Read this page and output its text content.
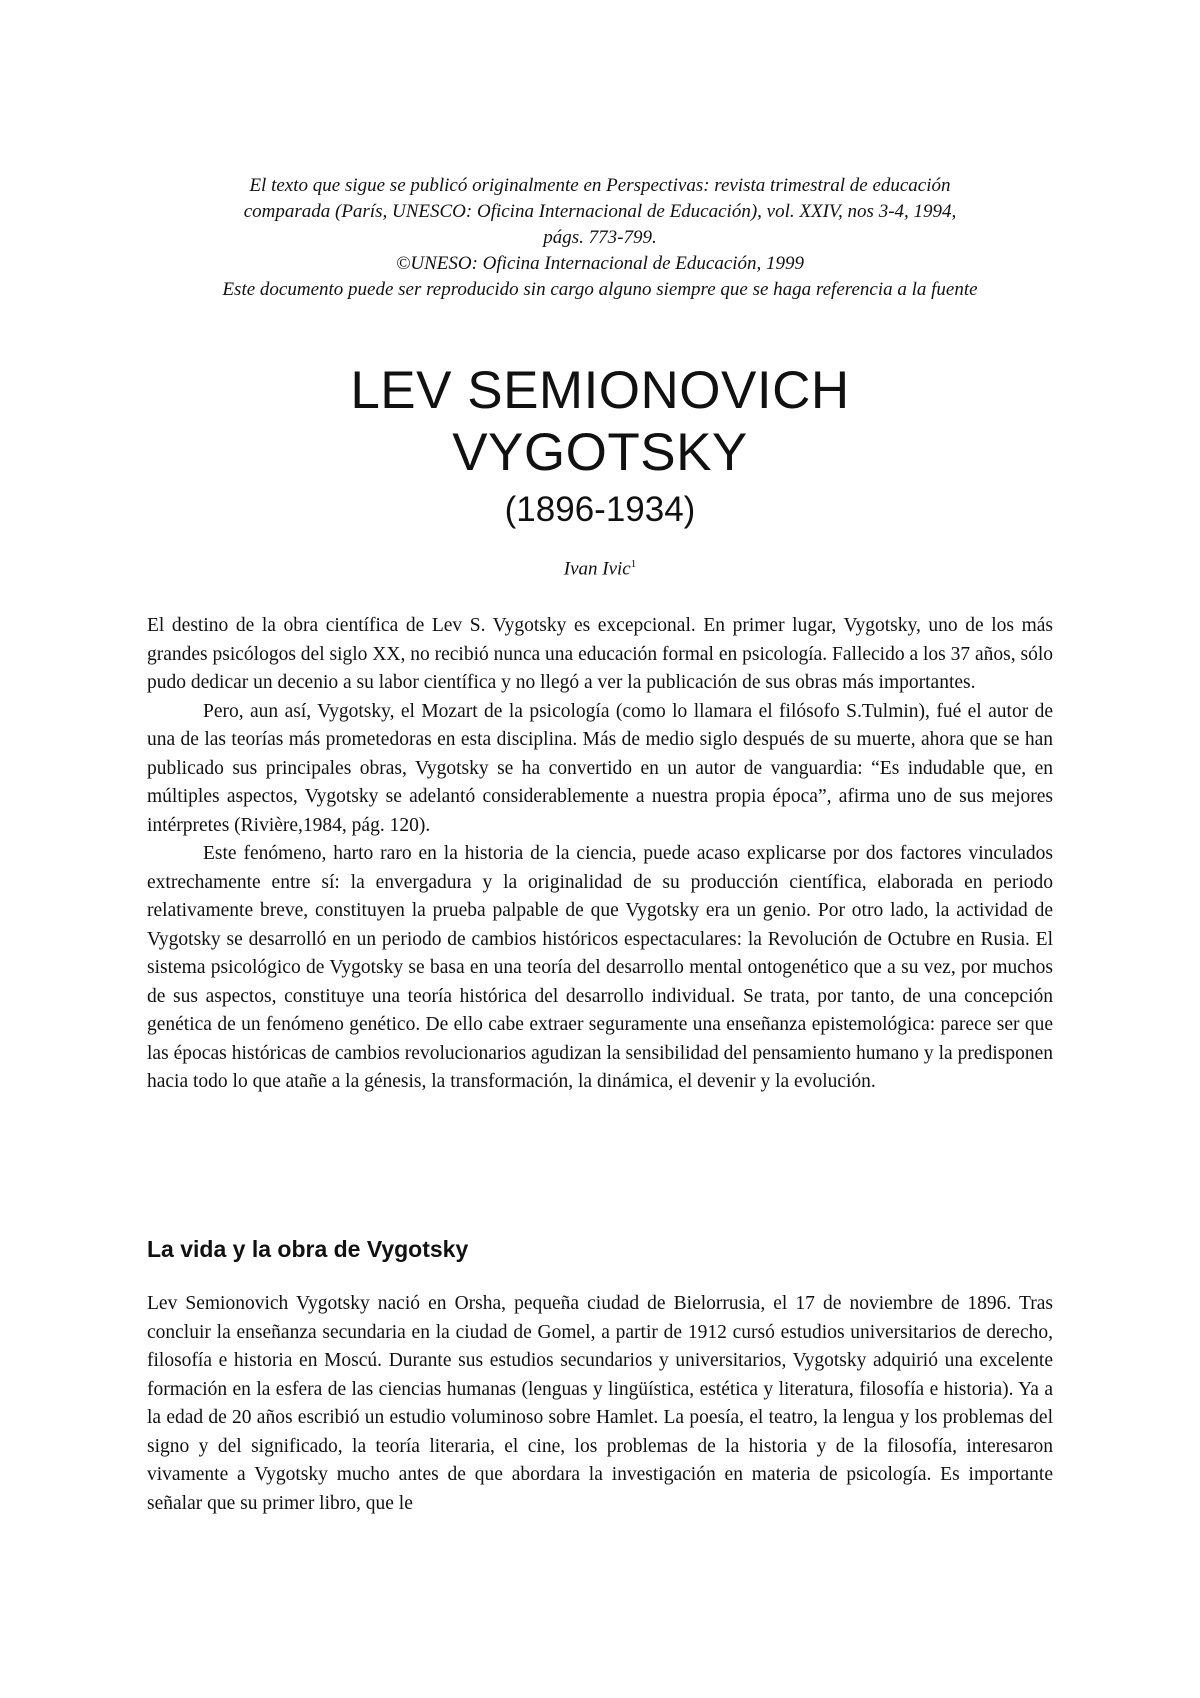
El texto que sigue se publicó originalmente en Perspectivas: revista trimestral de educación
comparada (París, UNESCO: Oficina Internacional de Educación), vol. XXIV, nos 3-4, 1994,
págs. 773-799.
©UNESO: Oficina Internacional de Educación, 1999
Este documento puede ser reproducido sin cargo alguno siempre que se haga referencia a la fuente
LEV SEMIONOVICH
VYGOTSKY
(1896-1934)
Ivan Ivic$^1$

El destino de la obra científica de Lev S. Vygotsky es excepcional. En primer lugar, Vygotsky, uno de los más grandes psicólogos del siglo XX, no recibió nunca una educación formal en psicología. Fallecido a los 37 años, sólo pudo dedicar un decenio a su labor científica y no llegó a ver la publicación de sus obras más importantes.

Pero, aun así, Vygotsky, el Mozart de la psicología (como lo llamara el filósofo S.Tulmin), fué el autor de una de las teorías más prometedoras en esta disciplina. Más de medio siglo después de su muerte, ahora que se han publicado sus principales obras, Vygotsky se ha convertido en un autor de vanguardia: “Es indudable que, en múltiples aspectos, Vygotsky se adelantó considerablemente a nuestra propia época”, afirma uno de sus mejores intérpretes (Rivière,1984, pág. 120).

Este fenómeno, harto raro en la historia de la ciencia, puede acaso explicarse por dos factores vinculados extrechamente entre sí: la envergadura y la originalidad de su producción científica, elaborada en periodo relativamente breve, constituyen la prueba palpable de que Vygotsky era un genio. Por otro lado, la actividad de Vygotsky se desarrolló en un periodo de cambios históricos espectaculares: la Revolución de Octubre en Rusia. El sistema psicológico de Vygotsky se basa en una teoría del desarrollo mental ontogenético que a su vez, por muchos de sus aspectos, constituye una teoría histórica del desarrollo individual. Se trata, por tanto, de una concepción genética de un fenómeno genético. De ello cabe extraer seguramente una enseñanza epistemológica: parece ser que las épocas históricas de cambios revolucionarios agudizan la sensibilidad del pensamiento humano y la predisponen hacia todo lo que atañe a la génesis, la transformación, la dinámica, el devenir y la evolución.

La vida y la obra de Vygotsky

Lev Semionovich Vygotsky nació en Orsha, pequeña ciudad de Bielorrusia, el 17 de noviembre de 1896. Tras concluir la enseñanza secundaria en la ciudad de Gomel, a partir de 1912 cursó estudios universitarios de derecho, filosofía e historia en Moscú. Durante sus estudios secundarios y universitarios, Vygotsky adquirió una excelente formación en la esfera de las ciencias humanas (lenguas y lingüística, estética y literatura, filosofía e historia). Ya a la edad de 20 años escribió un estudio voluminoso sobre Hamlet. La poesía, el teatro, la lengua y los problemas del signo y del significado, la teoría literaria, el cine, los problemas de la historia y de la filosofía, interesaron vivamente a Vygotsky mucho antes de que abordara la investigación en materia de psicología. Es importante señalar que su primer libro, que le
